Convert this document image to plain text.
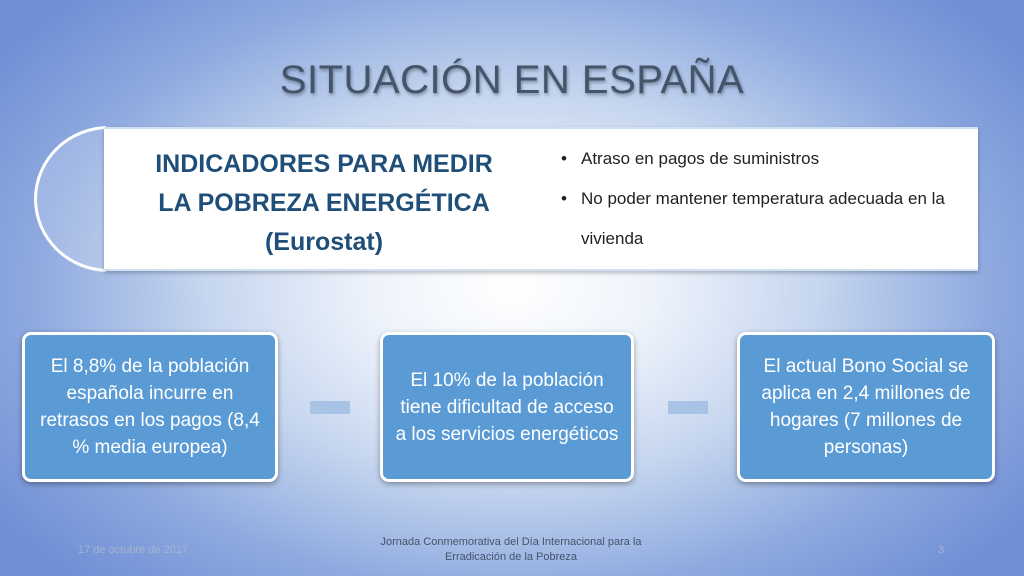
SITUACIÓN EN ESPAÑA
INDICADORES PARA MEDIR
LA POBREZA ENERGÉTICA
(Eurostat)
• Atraso en pagos de suministros
• No poder mantener temperatura adecuada en la vivienda
El 8,8% de la población española incurre en retrasos en los pagos (8,4 % media europea)
El 10% de la población tiene dificultad de acceso a los servicios energéticos
El actual Bono Social se aplica en 2,4 millones de hogares (7 millones de personas)
17 de octubre de 2017
Jornada Conmemorativa del Día Internacional para la
Erradicación de la Pobreza
3
